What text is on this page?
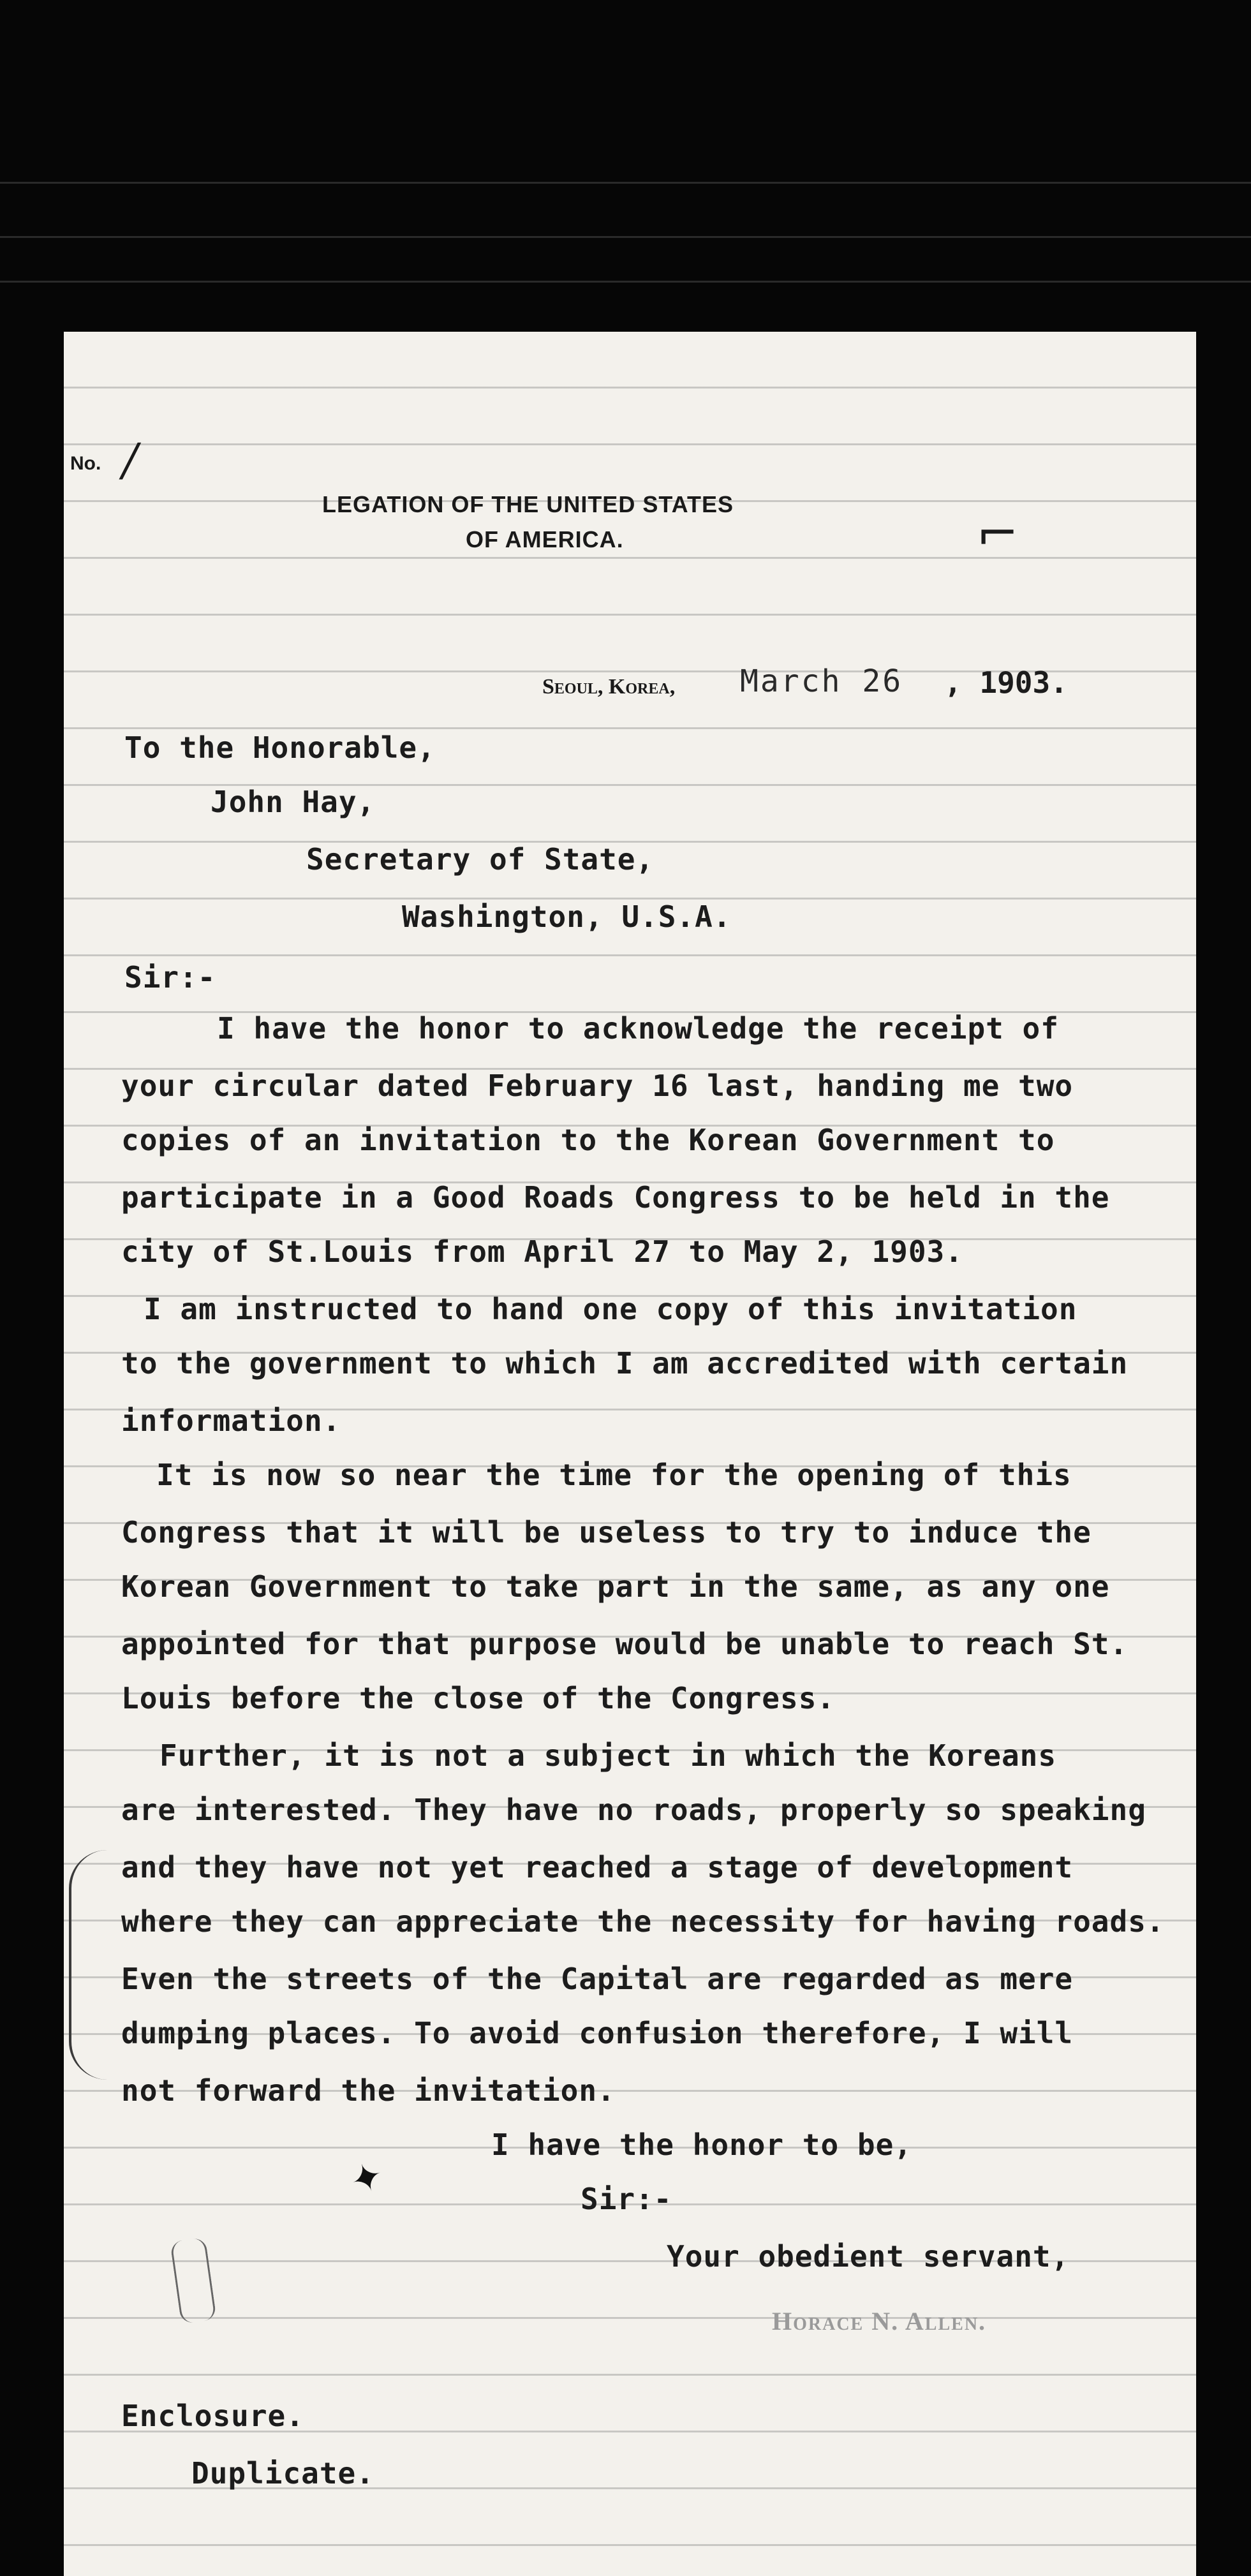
No. /
LEGATION OF THE UNITED STATES
OF AMERICA.	⌐
Seoul, Korea, March 26 , 1903.
To the Honorable,
John Hay,
Secretary of State,
Washington, U.S.A.
Sir:-
I have the honor to acknowledge the receipt of
your circular dated February 16 last, handing me two
copies of an invitation to the Korean Government to
participate in a Good Roads Congress to be held in the
city of St.Louis from April 27 to May 2, 1903.
I am instructed to hand one copy of this invitation
to the government to which I am accredited with certain
information.
It is now so near the time for the opening of this
Congress that it will be useless to try to induce the
Korean Government to take part in the same, as any one
appointed for that purpose would be unable to reach St.
Louis before the close of the Congress.
Further, it is not a subject in which the Koreans
are interested. They have no roads, properly so speaking
and they have not yet reached a stage of development
where they can appreciate the necessity for having roads.
Even the streets of the Capital are regarded as mere
dumping places. To avoid confusion therefore, I will
not forward the invitation.
I have the honor to be,
✦	Sir:-
Your obedient servant,
Horace N. Allen.
Enclosure.
Duplicate.
